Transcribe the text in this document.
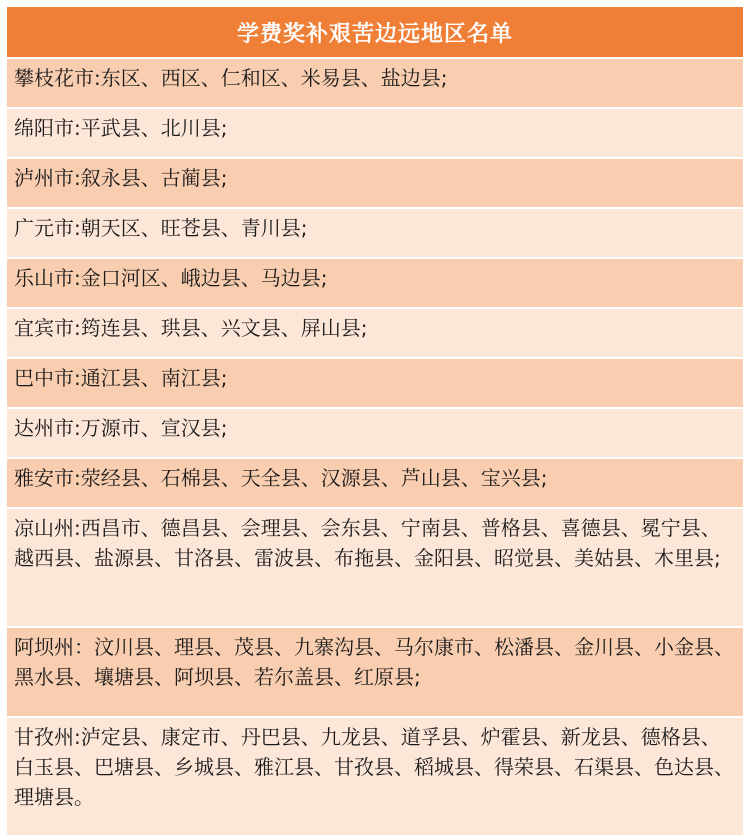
学费奖补艰苦边远地区名单
攀枝花市:东区、西区、仁和区、米易县、盐边县;
绵阳市:平武县、北川县;
泸州市:叙永县、古蔺县;
广元市:朝天区、旺苍县、青川县;
乐山市:金口河区、峨边县、马边县;
宜宾市:筠连县、珙县、兴文县、屏山县;
巴中市:通江县、南江县;
达州市:万源市、宣汉县;
雅安市:荥经县、石棉县、天全县、汉源县、芦山县、宝兴县;
凉山州:西昌市、德昌县、会理县、会东县、宁南县、普格县、喜德县、冕宁县、越西县、盐源县、甘洛县、雷波县、布拖县、金阳县、昭觉县、美姑县、木里县;
阿坝州：汶川县、理县、茂县、九寨沟县、马尔康市、松潘县、金川县、小金县、黑水县、壤塘县、阿坝县、若尔盖县、红原县;
甘孜州:泸定县、康定市、丹巴县、九龙县、道孚县、炉霍县、新龙县、德格县、白玉县、巴塘县、乡城县、雅江县、甘孜县、稻城县、得荣县、石渠县、色达县、理塘县。
